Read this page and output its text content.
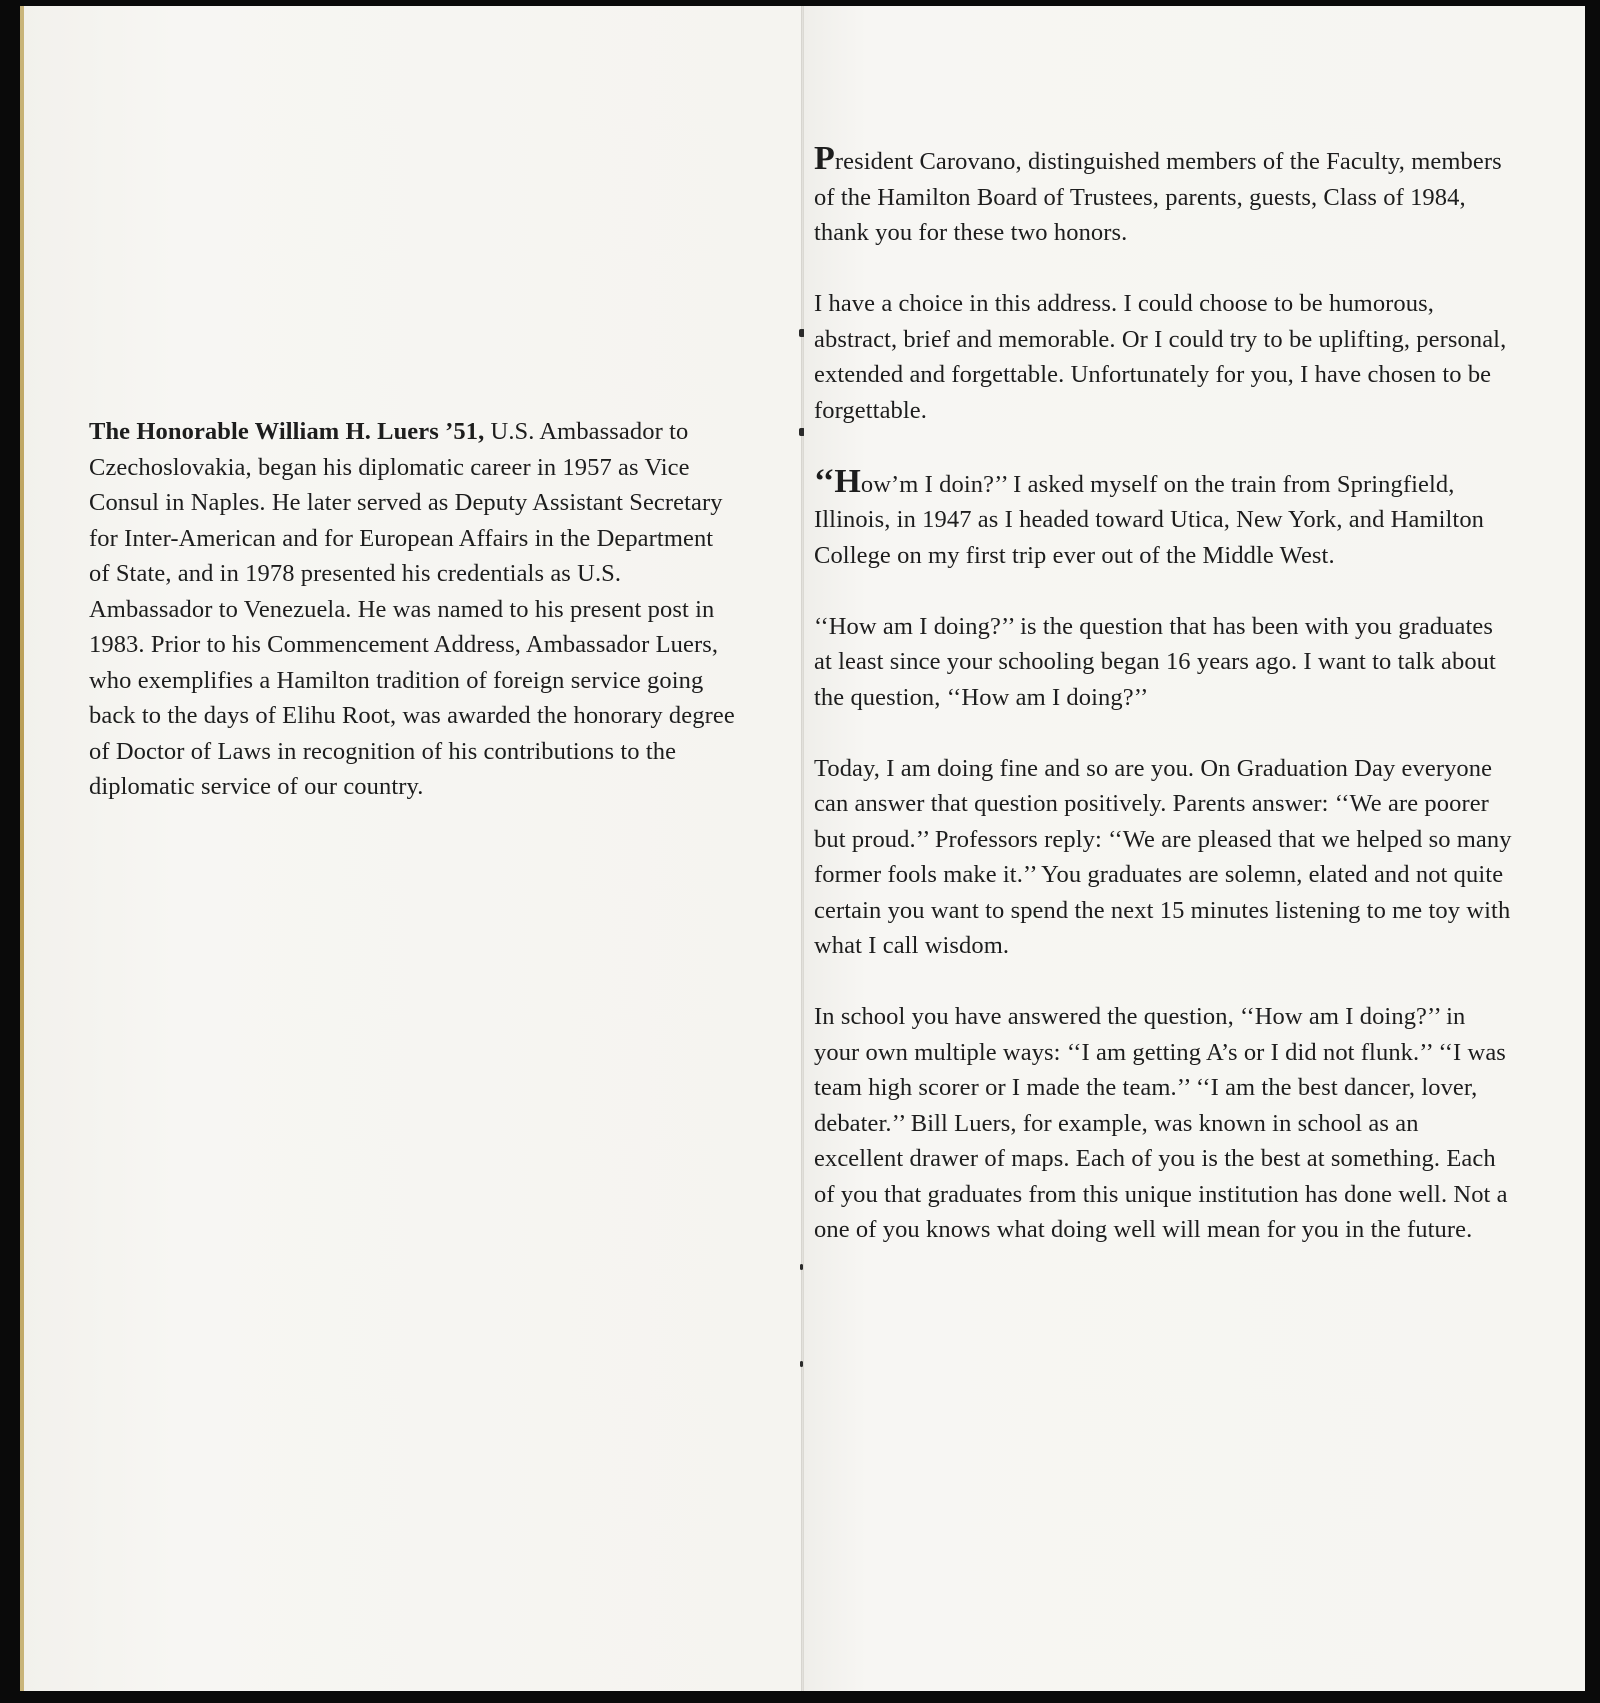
The Honorable William H. Luers ’51, U.S. Ambassador to Czechoslovakia, began his diplomatic career in 1957 as Vice Consul in Naples. He later served as Deputy Assistant Secretary for Inter-American and for European Affairs in the Department of State, and in 1978 presented his credentials as U.S. Ambassador to Venezuela. He was named to his present post in 1983. Prior to his Commencement Address, Ambassador Luers, who exemplifies a Hamilton tradition of foreign service going back to the days of Elihu Root, was awarded the honorary degree of Doctor of Laws in recognition of his contributions to the diplomatic service of our country.

President Carovano, distinguished members of the Faculty, members of the Hamilton Board of Trustees, parents, guests, Class of 1984, thank you for these two honors.

I have a choice in this address. I could choose to be humorous, abstract, brief and memorable. Or I could try to be uplifting, personal, extended and forgettable. Unfortunately for you, I have chosen to be forgettable.

‘‘How’m I doin?’’ I asked myself on the train from Springfield, Illinois, in 1947 as I headed toward Utica, New York, and Hamilton College on my first trip ever out of the Middle West.

‘‘How am I doing?’’ is the question that has been with you graduates at least since your schooling began 16 years ago. I want to talk about the question, ‘‘How am I doing?’’

Today, I am doing fine and so are you. On Graduation Day everyone can answer that question positively. Parents answer: ‘‘We are poorer but proud.’’ Professors reply: ‘‘We are pleased that we helped so many former fools make it.’’ You graduates are solemn, elated and not quite certain you want to spend the next 15 minutes listening to me toy with what I call wisdom.

In school you have answered the question, ‘‘How am I doing?’’ in your own multiple ways: ‘‘I am getting A’s or I did not flunk.’’ ‘‘I was team high scorer or I made the team.’’ ‘‘I am the best dancer, lover, debater.’’ Bill Luers, for example, was known in school as an excellent drawer of maps. Each of you is the best at something. Each of you that graduates from this unique institution has done well. Not a one of you knows what doing well will mean for you in the future.
